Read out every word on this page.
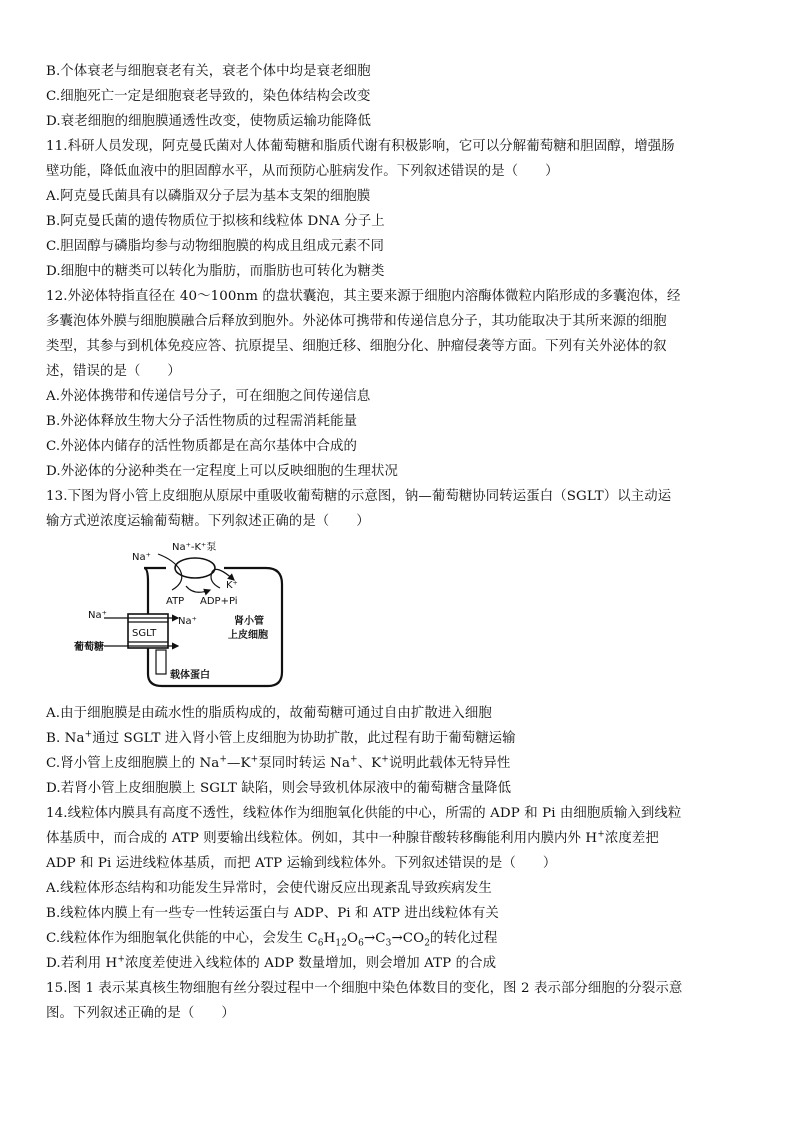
B.个体衰老与细胞衰老有关，衰老个体中均是衰老细胞
C.细胞死亡一定是细胞衰老导致的，染色体结构会改变
D.衰老细胞的细胞膜通透性改变，使物质运输功能降低
11.科研人员发现，阿克曼氏菌对人体葡萄糖和脂质代谢有积极影响，它可以分解葡萄糖和胆固醇，增强肠
壁功能，降低血液中的胆固醇水平，从而预防心脏病发作。下列叙述错误的是（　　）
A.阿克曼氏菌具有以磷脂双分子层为基本支架的细胞膜
B.阿克曼氏菌的遗传物质位于拟核和线粒体 DNA 分子上
C.胆固醇与磷脂均参与动物细胞膜的构成且组成元素不同
D.细胞中的糖类可以转化为脂肪，而脂肪也可转化为糖类
12.外泌体特指直径在 40～100nm 的盘状囊泡，其主要来源于细胞内溶酶体微粒内陷形成的多囊泡体，经
多囊泡体外膜与细胞膜融合后释放到胞外。外泌体可携带和传递信息分子，其功能取决于其所来源的细胞
类型，其参与到机体免疫应答、抗原提呈、细胞迁移、细胞分化、肿瘤侵袭等方面。下列有关外泌体的叙
述，错误的是（　　）
A.外泌体携带和传递信号分子，可在细胞之间传递信息
B.外泌体释放生物大分子活性物质的过程需消耗能量
C.外泌体内储存的活性物质都是在高尔基体中合成的
D.外泌体的分泌种类在一定程度上可以反映细胞的生理状况
13.下图为肾小管上皮细胞从原尿中重吸收葡萄糖的示意图，钠—葡萄糖协同转运蛋白（SGLT）以主动运
输方式逆浓度运输葡萄糖。下列叙述正确的是（　　）
Na⁺
Na⁺-K⁺泵
K⁺
ATP ADP+Pi
Na⁺
Na⁺
SGLT
葡萄糖
肾小管
上皮细胞
载体蛋白
A.由于细胞膜是由疏水性的脂质构成的，故葡萄糖可通过自由扩散进入细胞
B. Na+通过 SGLT 进入肾小管上皮细胞为协助扩散，此过程有助于葡萄糖运输
C.肾小管上皮细胞膜上的 Na+—K+泵同时转运 Na+、K+说明此载体无特异性
D.若肾小管上皮细胞膜上 SGLT 缺陷，则会导致机体尿液中的葡萄糖含量降低
14.线粒体内膜具有高度不透性，线粒体作为细胞氧化供能的中心，所需的 ADP 和 Pi 由细胞质输入到线粒
体基质中，而合成的 ATP 则要输出线粒体。例如，其中一种腺苷酸转移酶能利用内膜内外 H+浓度差把
ADP 和 Pi 运进线粒体基质，而把 ATP 运输到线粒体外。下列叙述错误的是（　　）
A.线粒体形态结构和功能发生异常时，会使代谢反应出现紊乱导致疾病发生
B.线粒体内膜上有一些专一性转运蛋白与 ADP、Pi 和 ATP 进出线粒体有关
C.线粒体作为细胞氧化供能的中心，会发生 $C_6H_{12}O_6\to C_3\to CO_2$的转化过程
D.若利用 H+浓度差使进入线粒体的 ADP 数量增加，则会增加 ATP 的合成
15.图 1 表示某真核生物细胞有丝分裂过程中一个细胞中染色体数目的变化，图 2 表示部分细胞的分裂示意
图。下列叙述正确的是（　　）
